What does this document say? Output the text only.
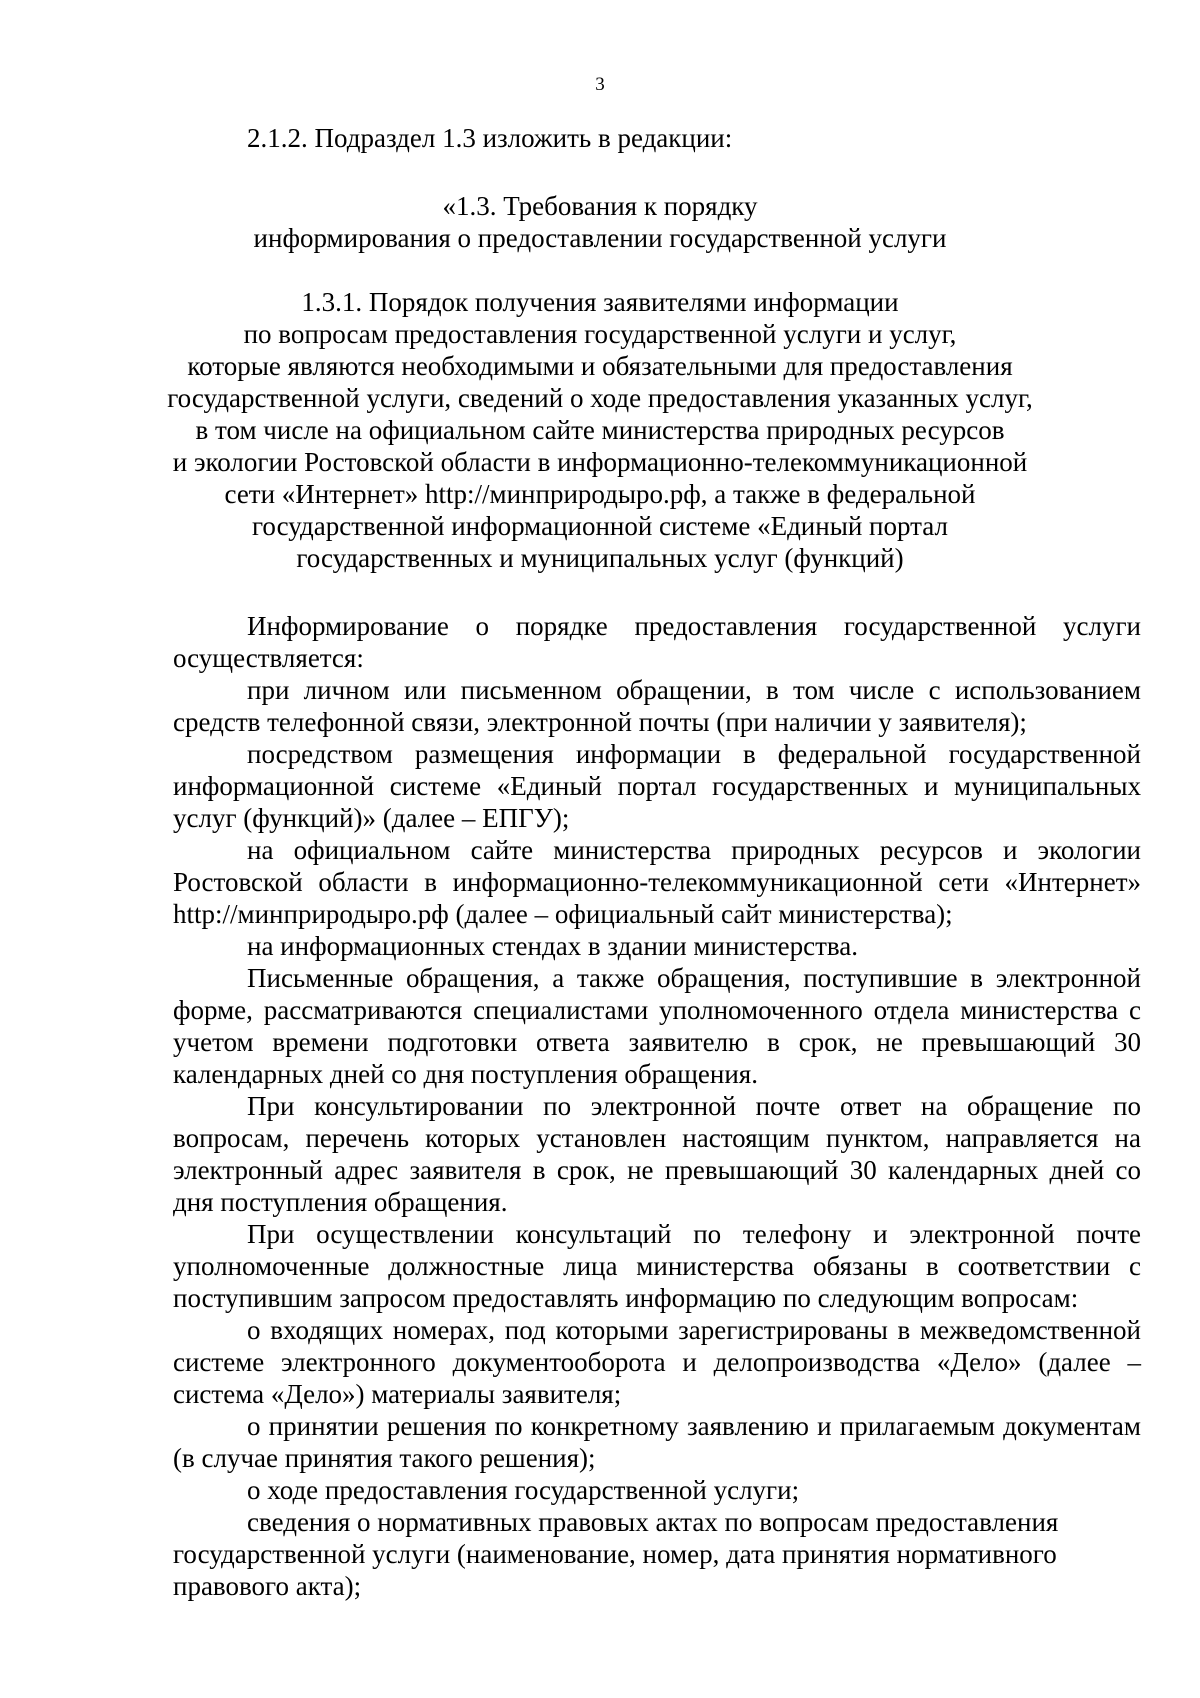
3
2.1.2. Подраздел 1.3 изложить в редакции:
«1.3. Требования к порядку
информирования о предоставлении государственной услуги
1.3.1. Порядок получения заявителями информации
по вопросам предоставления государственной услуги и услуг,
которые являются необходимыми и обязательными для предоставления
государственной услуги, сведений о ходе предоставления указанных услуг,
в том числе на официальном сайте министерства природных ресурсов
и экологии Ростовской области в информационно-телекоммуникационной
сети «Интернет» http://минприродыро.рф, а также в федеральной
государственной информационной системе «Единый портал
государственных и муниципальных услуг (функций)

Информирование о порядке предоставления государственной услуги осуществляется:

при личном или письменном обращении, в том числе с использованием средств телефонной связи, электронной почты (при наличии у заявителя);

посредством размещения информации в федеральной государственной информационной системе «Единый портал государственных и муниципальных услуг (функций)» (далее – ЕПГУ);

на официальном сайте министерства природных ресурсов и экологии Ростовской области в информационно-телекоммуникационной сети «Интернет» http://минприродыро.рф (далее – официальный сайт министерства);

на информационных стендах в здании министерства.

Письменные обращения, а также обращения, поступившие в электронной форме, рассматриваются специалистами уполномоченного отдела министерства с учетом времени подготовки ответа заявителю в срок, не превышающий 30 календарных дней со дня поступления обращения.

При консультировании по электронной почте ответ на обращение по вопросам, перечень которых установлен настоящим пунктом, направляется на электронный адрес заявителя в срок, не превышающий 30 календарных дней со дня поступления обращения.

При осуществлении консультаций по телефону и электронной почте уполномоченные должностные лица министерства обязаны в соответствии с поступившим запросом предоставлять информацию по следующим вопросам:

о входящих номерах, под которыми зарегистрированы в межведомственной системе электронного документооборота и делопроизводства «Дело» (далее – система «Дело») материалы заявителя;

о принятии решения по конкретному заявлению и прилагаемым документам (в случае принятия такого решения);

о ходе предоставления государственной услуги;

сведения о нормативных правовых актах по вопросам предоставления государственной услуги (наименование, номер, дата принятия нормативного правового акта);
